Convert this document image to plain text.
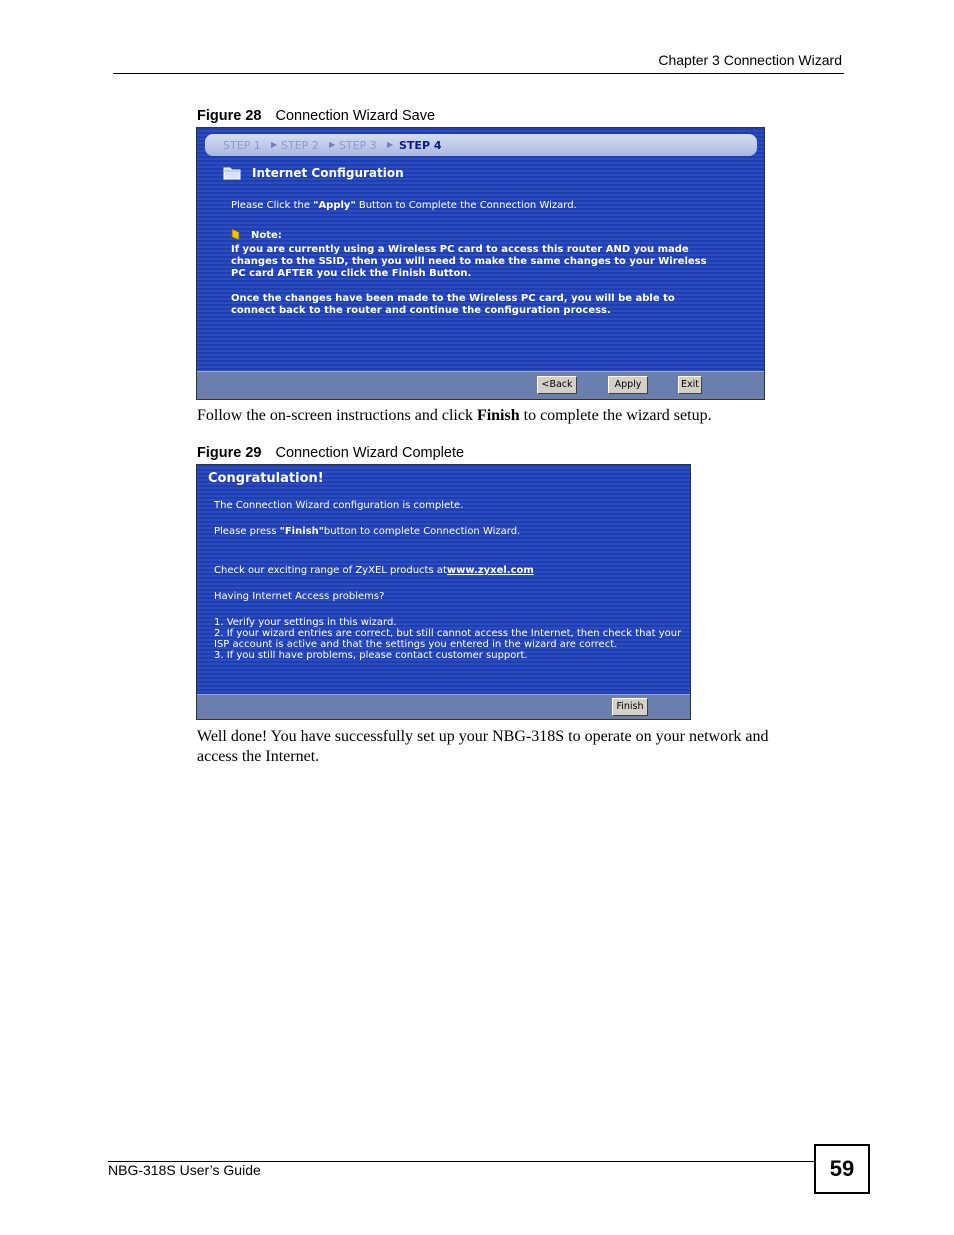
Chapter 3 Connection Wizard
Figure 28 Connection Wizard Save
STEP 1 ▶ STEP 2 ▶ STEP 3 ▶ STEP 4
Internet Configuration
Please Click the "Apply" Button to Complete the Connection Wizard.
Note:
If you are currently using a Wireless PC card to access this router AND you made
changes to the SSID, then you will need to make the same changes to your Wireless
PC card AFTER you click the Finish Button.
Once the changes have been made to the Wireless PC card, you will be able to
connect back to the router and continue the configuration process.
<Back	Apply	Exit
Follow the on-screen instructions and click Finish to complete the wizard setup.
Figure 29 Connection Wizard Complete
Congratulation!
The Connection Wizard configuration is complete.
Please press "Finish"button to complete Connection Wizard.
Check our exciting range of ZyXEL products atwww.zyxel.com
Having Internet Access problems?
1. Verify your settings in this wizard.
2. If your wizard entries are correct, but still cannot access the Internet, then check that your
ISP account is active and that the settings you entered in the wizard are correct.
3. If you still have problems, please contact customer support.
Finish
Well done! You have successfully set up your NBG-318S to operate on your network and
access the Internet.
NBG-318S User’s Guide	59
